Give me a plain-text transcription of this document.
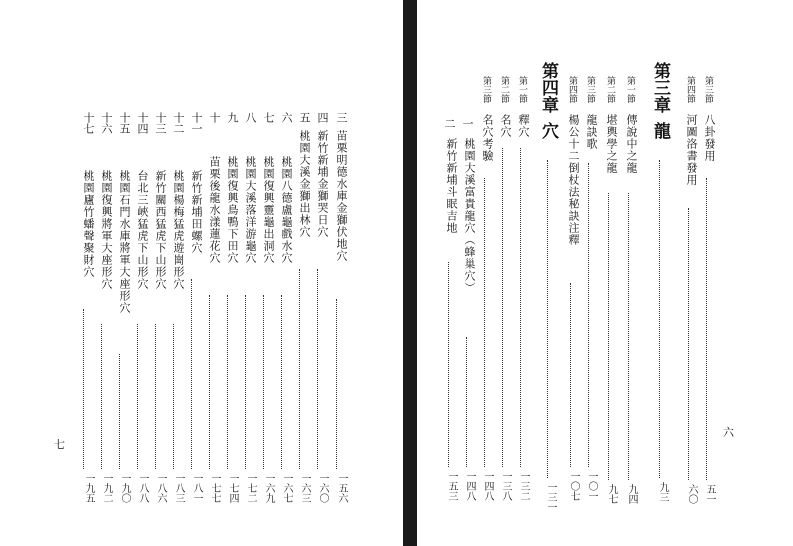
七
六
三
苗栗明德水庫金獅伏地穴
一五六
四
新竹新埔金獅哭日穴
一六〇
五
桃園大溪金獅出林穴
一六三
六
桃園八德盧龜戲水穴
一六七
七
桃園復興靈龜出洞穴
一六九
八
桃園大溪落洋游龜穴
一七二
九
桃園復興鳥鴨下田穴
一七四
十
苗栗後龍水漾蓮花穴
一七七
十一
新竹新埔田螺穴
一八一
十二
桃園楊梅猛虎遊崗形穴
一八三
十三
新竹關西猛虎下山形穴
一八六
十四
台北三峽猛虎下山形穴
一八八
十五
桃園石門水庫將軍大座形穴
一九〇
十六
桃園復興將軍大座形穴
一九二
十七
桃園廬竹蟠聲聚財穴
一九五
第三節
八卦發用
五一
第四節
河圖洛書發用
六〇
第三章
龍
九三
第一節
傳說中之龍
九四
第二節
堪輿學之龍
九七
第三節
龍訣歌
一〇一
第四節
楊公十二倒杖法秘訣注釋
一〇七
第四章
穴
一三一
第一節
釋穴
一三二
第二節
名穴
一三八
第三節
名穴考驗
一四八
一
桃園大溪富貴龍穴（蜂巢穴）
一四八
二
新竹新埔斗眠吉地
一五三
